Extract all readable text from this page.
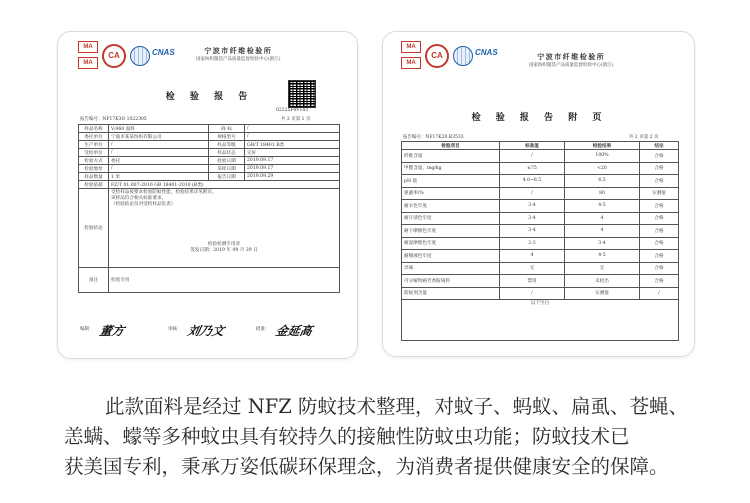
MA
MA
CA	CNAS	宁波市纤维检验所
国家纺织服装产品质量监督检验中心(浙江)
检 验 报 告
02225F0V1X1
报告编号：NF17K3O 1022305	共 2 页第 1 页
样品名称	V;960 面料	商 标	/
委托单位	宁波市某某纺织有限公司	规格型号	/
生产单位	/	样品等级	GB/T 18401 B类
受检单位	/	样品状态	完好
检验方式	委托	检验日期	2019.09.17
检验地址	/	采样日期	2019.09.17
样品数量	1 米	报告日期	2019.09.29
检验依据	FZ/T 01.007-2016 GB 18401-2010 (B类)		
检验结论	受检样品按要求检验防蚊性能，检验结果详见附页。
该样品符合相关标准要求。
（检验结论仅对受检样品负责）
检验检测专用章
签发日期：2019 年 09 月 29 日		

备注	检验专用		
编制： 董方	审核： 刘乃文	批准： 金延高
MA
MA
CA	CNAS	宁波市纤维检验所
国家纺织服装产品质量监督检验中心(浙江)
检 验 报 告 附 页
报告编号：NF17K20.B3533	共 2 页第 2 页
检验项目	标准值	检验结果	结论
纤维含量	/	100%	合格
甲醛含量，mg/kg	≤75	<20	合格
pH 值	4.0~8.5	6.5	合格
驱避率/%	/	80	实测值
耐水色牢度	3-4	4-5	合格
耐汗渍色牢度	3-4	4	合格
耐干摩擦色牢度	3-4	4	合格
耐湿摩擦色牢度	2-3	3-4	合格
耐唾液色牢度	4	4-5	合格
异味	无	无	合格
可分解致癌芳香胺染料	禁用	未检出	合格
防蚊剂含量	/	实测值	/
以下空白			
此款面料是经过 NFZ 防蚊技术整理，对蚊子、蚂蚁、扁虱、苍蝇、
恙螨、蠓等多种蚊虫具有较持久的接触性防蚊虫功能；防蚊技术已
获美国专利，秉承万姿低碳环保理念，为消费者提供健康安全的保障。
